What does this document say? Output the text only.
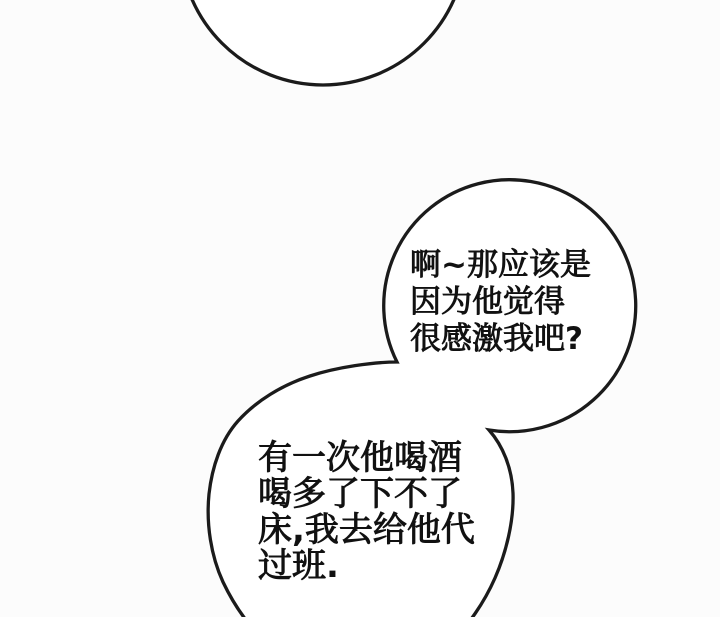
啊~那应该是
因为他觉得
很感激我吧?
有一次他喝酒
喝多了下不了
床,我去给他代
过班.
